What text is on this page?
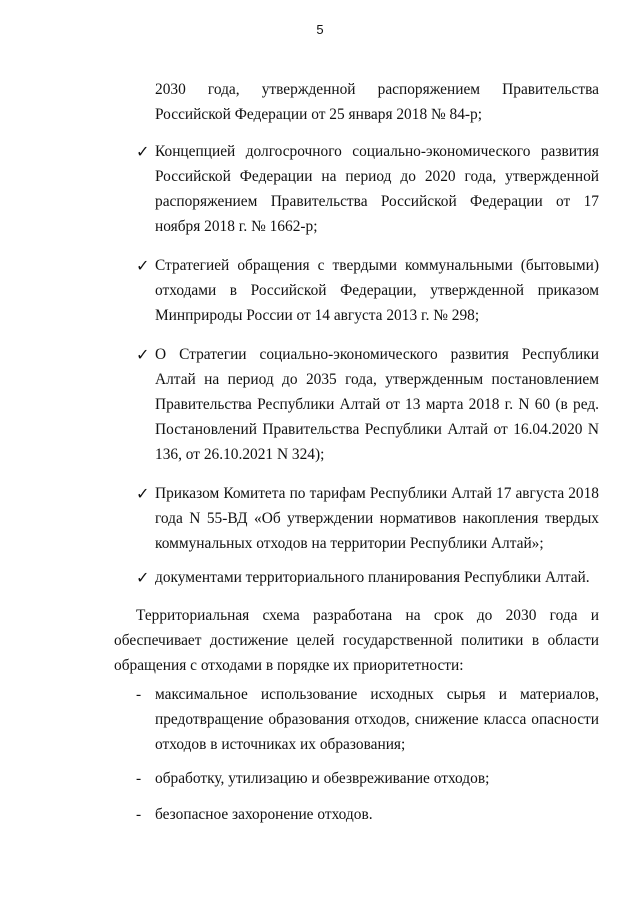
5
2030 года, утвержденной распоряжением Правительства Российской Федерации от 25 января 2018 № 84-р;
✓ Концепцией долгосрочного социально-экономического развития Российской Федерации на период до 2020 года, утвержденной распоряжением Правительства Российской Федерации от 17 ноября 2018 г. № 1662-р;
✓ Стратегией обращения с твердыми коммунальными (бытовыми) отходами в Российской Федерации, утвержденной приказом Минприроды России от 14 августа 2013 г. № 298;
✓ О Стратегии социально-экономического развития Республики Алтай на период до 2035 года, утвержденным постановлением Правительства Республики Алтай от 13 марта 2018 г. N 60 (в ред. Постановлений Правительства Республики Алтай от 16.04.2020 N 136, от 26.10.2021 N 324);
✓ Приказом Комитета по тарифам Республики Алтай 17 августа 2018 года N 55-ВД «Об утверждении нормативов накопления твердых коммунальных отходов на территории Республики Алтай»;
✓ документами территориального планирования Республики Алтай.
Территориальная схема разработана на срок до 2030 года и обеспечивает достижение целей государственной политики в области обращения с отходами в порядке их приоритетности:
- максимальное использование исходных сырья и материалов, предотвращение образования отходов, снижение класса опасности отходов в источниках их образования;
- обработку, утилизацию и обезвреживание отходов;
- безопасное захоронение отходов.
